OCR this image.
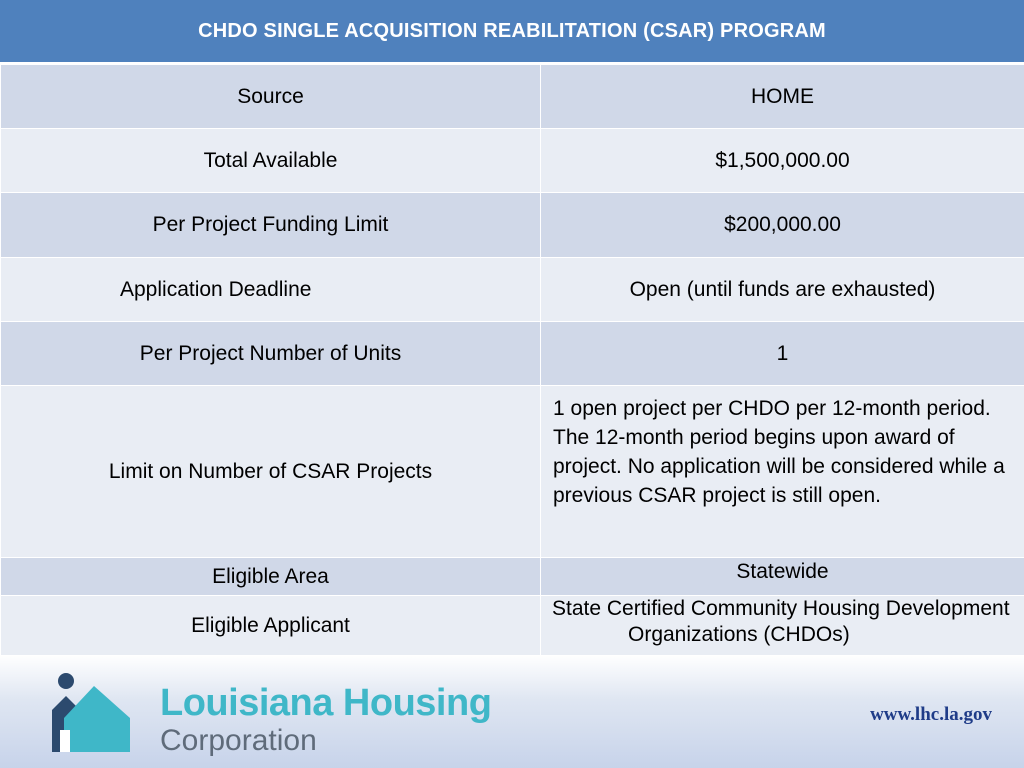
CHDO SINGLE ACQUISITION REABILITATION (CSAR) PROGRAM
Source	HOME
Total Available	$1,500,000.00
Per Project Funding Limit	$200,000.00
Application Deadline	Open (until funds are exhausted)
Per Project Number of Units	1
Limit on Number of CSAR Projects	1 open project per CHDO per 12-month period. The 12-month period begins upon award of project. No application will be considered while a previous CSAR project is still open.
Eligible Area	Statewide
Eligible Applicant	State Certified Community Housing Development
Organizations (CHDOs)
Louisiana Housing
Corporation
www.lhc.la.gov
